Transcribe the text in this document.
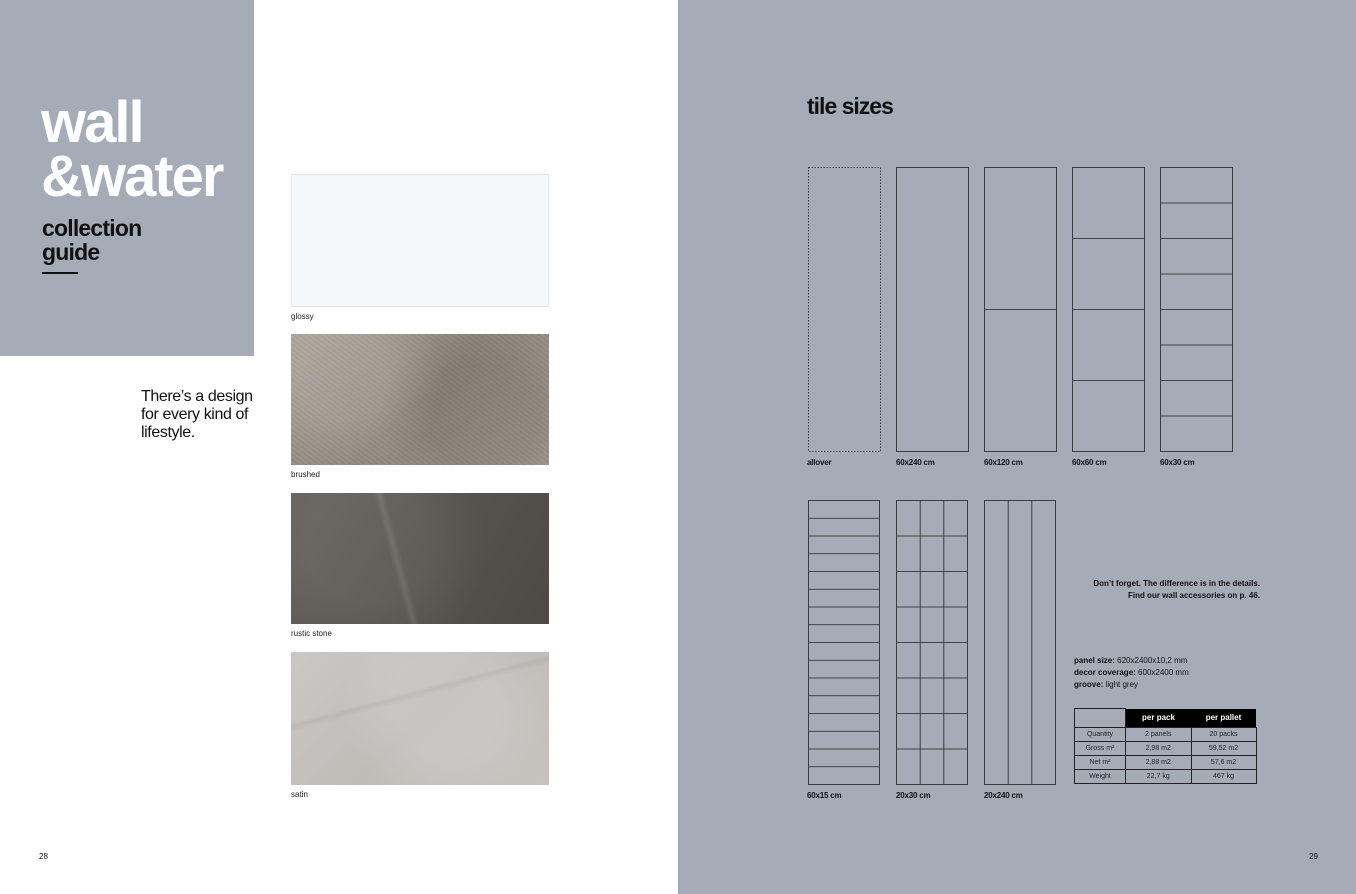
wall
&water
collection
guide

There’s a design for every kind of lifestyle.

glossy
brushed
rustic stone
satin
28
tile sizes
allover	60x240 cm	60x120 cm	60x60 cm	60x30 cm
60x15 cm	20x30 cm	20x240 cm

Don’t forget. The difference is in the details. Find our wall accessories on p. 46.

panel size: 620x2400x10,2 mm
decor coverage: 600x2400 mm
groove: light grey
	per pack	per pallet
Quantity	2 panels	20 packs
Gross m²	2,98 m2	59,52 m2
Net m²	2,88 m2	57,6 m2
Weight	22,7 kg	467 kg
29
